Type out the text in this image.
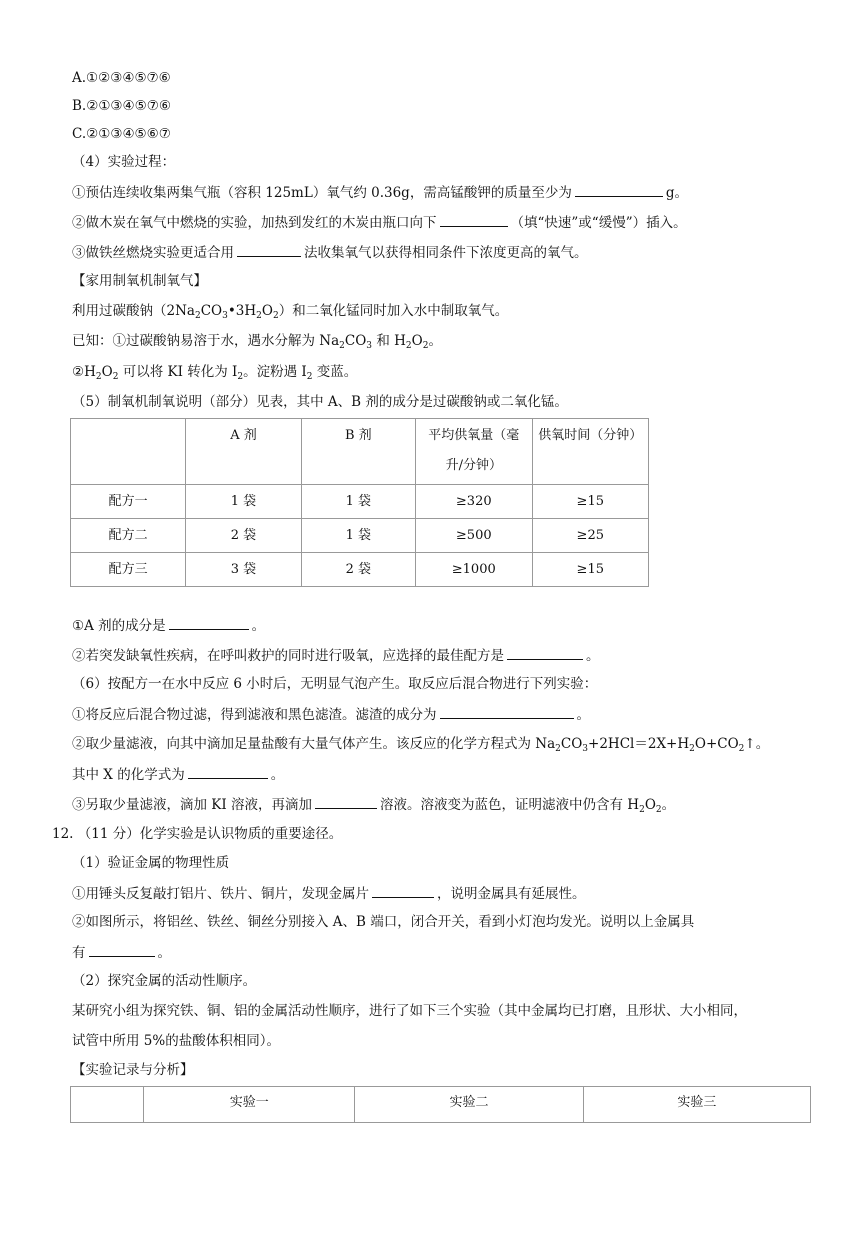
A.①②③④⑤⑦⑥
B.②①③④⑤⑦⑥
C.②①③④⑤⑥⑦
（4）实验过程：
①预估连续收集两集气瓶（容积 125mL）氧气约 0.36g，需高锰酸钾的质量至少为	g。
②做木炭在氧气中燃烧的实验，加热到发红的木炭由瓶口向下	（填“快速”或“缓慢”）插入。
③做铁丝燃烧实验更适合用	法收集氧气以获得相同条件下浓度更高的氧气。
【家用制氧机制氧气】
利用过碳酸钠$(2Na_2CO_3•3H_2O_2)$和二氧化锰同时加入水中制取氧气。
已知：①过碳酸钠易溶于水，遇水分解为 $Na_2CO_3$ 和 $H_2O_2$。
$②H_2O_2$ 可以将 KI 转化为 $I_2$。淀粉遇 $I_2$ 变蓝。
（5）制氧机制氧说明（部分）见表，其中 A、B 剂的成分是过碳酸钠或二氧化锰。
	A 剂	B 剂	平均供氧量（毫
升/分钟）	供氧时间（分钟）
配方一	1 袋	1 袋	≥320	≥15
配方二	2 袋	1 袋	≥500	≥25
配方三	3 袋	2 袋	≥1000	≥15
①A 剂的成分是	。
②若突发缺氧性疾病，在呼叫救护的同时进行吸氧，应选择的最佳配方是	。
（6）按配方一在水中反应 6 小时后，无明显气泡产生。取反应后混合物进行下列实验：
①将反应后混合物过滤，得到滤液和黑色滤渣。滤渣的成分为	。
②取少量滤液，向其中滴加足量盐酸有大量气体产生。该反应的化学方程式为 $Na_2CO_3+2HCl=2X+H_2O+CO_2↑$。
其中 X 的化学式为	。
③另取少量滤液，滴加 KI 溶液，再滴加	溶液。溶液变为蓝色，证明滤液中仍含有 $H_2O_2$。
12. （11 分）化学实验是认识物质的重要途径。
（1）验证金属的物理性质
①用锤头反复敲打铝片、铁片、铜片，发现金属片	，说明金属具有延展性。
②如图所示，将铝丝、铁丝、铜丝分别接入 A、B 端口，闭合开关，看到小灯泡均发光。说明以上金属具
有	。
（2）探究金属的活动性顺序。
某研究小组为探究铁、铜、铝的金属活动性顺序，进行了如下三个实验（其中金属均已打磨，且形状、大小相同，
试管中所用 5%的盐酸体积相同）。
【实验记录与分析】
	实验一	实验二	实验三
